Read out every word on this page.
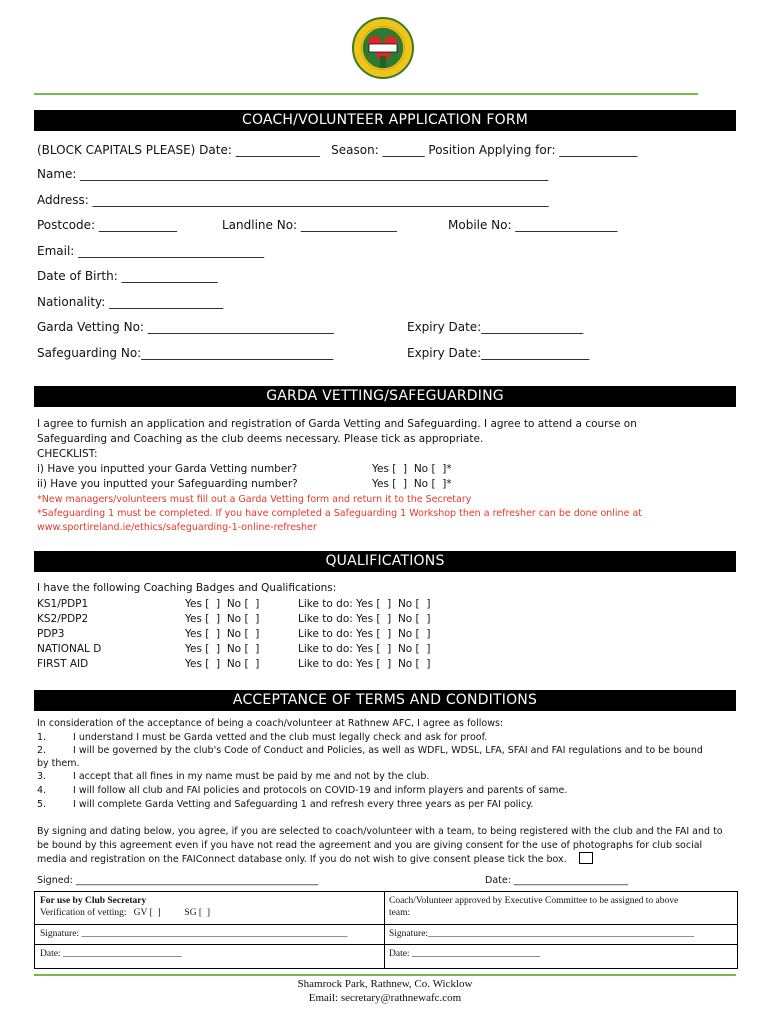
COACH/VOLUNTEER APPLICATION FORM
(BLOCK CAPITALS PLEASE) Date: ______________   Season: _______ Position Applying for: _____________
Name: ______________________________________________________________________________
Address: ____________________________________________________________________________
Postcode: _____________	Landline No: ________________	Mobile No: _________________
Email: _______________________________
Date of Birth: ________________
Nationality: ___________________
Garda Vetting No: _______________________________	Expiry Date:_________________
Safeguarding No:________________________________	Expiry Date:__________________
GARDA VETTING/SAFEGUARDING
I agree to furnish an application and registration of Garda Vetting and Safeguarding. I agree to attend a course on
Safeguarding and Coaching as the club deems necessary. Please tick as appropriate.
CHECKLIST:
i) Have you inputted your Garda Vetting number?	Yes [  ]  No [  ]*
ii) Have you inputted your Safeguarding number?	Yes [  ]  No [  ]*
*New managers/volunteers must fill out a Garda Vetting form and return it to the Secretary
*Safeguarding 1 must be completed. If you have completed a Safeguarding 1 Workshop then a refresher can be done online at
www.sportireland.ie/ethics/safeguarding-1-online-refresher
QUALIFICATIONS
I have the following Coaching Badges and Qualifications:
KS1/PDP1	Yes [  ]  No [  ]	Like to do: Yes [  ]  No [  ]
KS2/PDP2	Yes [  ]  No [  ]	Like to do: Yes [  ]  No [  ]
PDP3	Yes [  ]  No [  ]	Like to do: Yes [  ]  No [  ]
NATIONAL D	Yes [  ]  No [  ]	Like to do: Yes [  ]  No [  ]
FIRST AID	Yes [  ]  No [  ]	Like to do: Yes [  ]  No [  ]
ACCEPTANCE OF TERMS AND CONDITIONS
In consideration of the acceptance of being a coach/volunteer at Rathnew AFC, I agree as follows:
1.	I understand I must be Garda vetted and the club must legally check and ask for proof.
2.	I will be governed by the club's Code of Conduct and Policies, as well as WDFL, WDSL, LFA, SFAI and FAI regulations and to be bound
by them.
3.	I accept that all fines in my name must be paid by me and not by the club.
4.	I will follow all club and FAI policies and protocols on COVID-19 and inform players and parents of same.
5.	I will complete Garda Vetting and Safeguarding 1 and refresh every three years as per FAI policy.
By signing and dating below, you agree, if you are selected to coach/volunteer with a team, to being registered with the club and the FAI and to
be bound by this agreement even if you have not read the agreement and you are giving consent for the use of photographs for club social
media and registration on the FAIConnect database only. If you do not wish to give consent please tick the box.
Signed: ___________________________________________________	Date: ________________________
For use by Club Secretary
Verification of vetting:   GV [  ]          SG [  ]
Coach/Volunteer approved by Executive Committee to be assigned to above
team:
Signature: ________________________________________________________	Signature:________________________________________________________
Date: _________________________	Date: ___________________________
Shamrock Park, Rathnew, Co. Wicklow
Email: secretary@rathnewafc.com
